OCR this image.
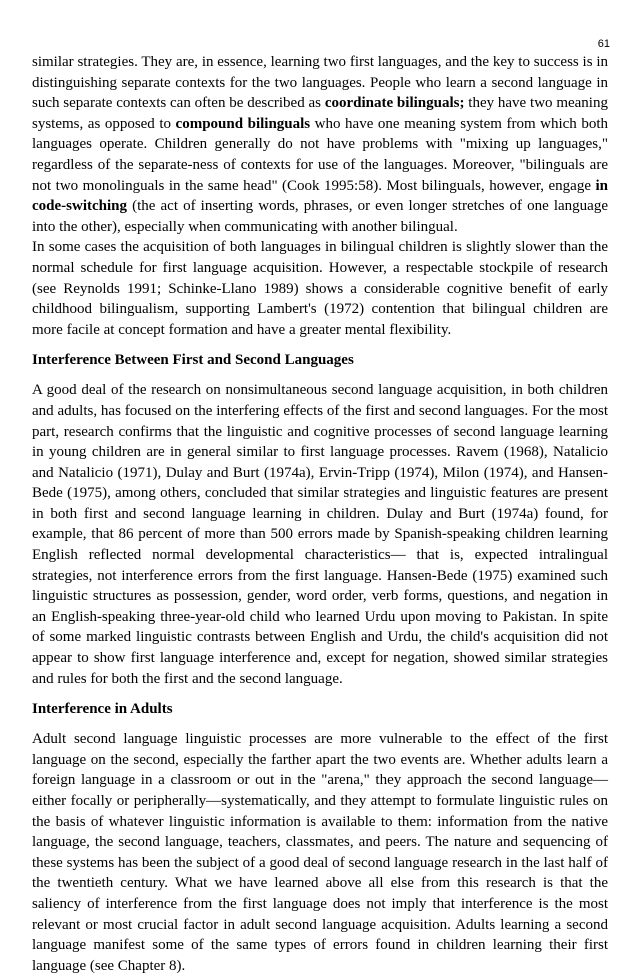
61

similar strategies. They are, in essence, learning two first languages, and the key to success is in distinguishing separate contexts for the two languages. People who learn a second language in such separate contexts can often be described as coordinate bilinguals; they have two meaning systems, as opposed to compound bilinguals who have one meaning system from which both languages operate. Children generally do not have problems with "mixing up languages," regardless of the separate-ness of contexts for use of the languages. Moreover, "bilinguals are not two monolinguals in the same head" (Cook 1995:58). Most bilinguals, however, engage in code-switching (the act of inserting words, phrases, or even longer stretches of one language into the other), especially when communicating with another bilingual.

In some cases the acquisition of both languages in bilingual children is slightly slower than the normal schedule for first language acquisition. However, a respectable stockpile of research (see Reynolds 1991; Schinke-Llano 1989) shows a considerable cognitive benefit of early childhood bilingualism, supporting Lambert's (1972) contention that bilingual children are more facile at concept formation and have a greater mental flexibility.

Interference Between First and Second Languages

A good deal of the research on nonsimultaneous second language acquisition, in both children and adults, has focused on the interfering effects of the first and second languages. For the most part, research confirms that the linguistic and cognitive processes of second language learning in young children are in general similar to first language processes. Ravem (1968), Natalicio and Natalicio (1971), Dulay and Burt (1974a), Ervin-Tripp (1974), Milon (1974), and Hansen-Bede (1975), among others, concluded that similar strategies and linguistic features are present in both first and second language learning in children. Dulay and Burt (1974a) found, for example, that 86 percent of more than 500 errors made by Spanish-speaking children learning English reflected normal developmental characteristics— that is, expected intralingual strategies, not interference errors from the first language. Hansen-Bede (1975) examined such linguistic structures as possession, gender, word order, verb forms, questions, and negation in an English-speaking three-year-old child who learned Urdu upon moving to Pakistan. In spite of some marked linguistic contrasts between English and Urdu, the child's acquisition did not appear to show first language interference and, except for negation, showed similar strategies and rules for both the first and the second language.

Interference in Adults

Adult second language linguistic processes are more vulnerable to the effect of the first language on the second, especially the farther apart the two events are. Whether adults learn a foreign language in a classroom or out in the "arena," they approach the second language—either focally or peripherally—systematically, and they attempt to formulate linguistic rules on the basis of whatever linguistic information is available to them: information from the native language, the second language, teachers, classmates, and peers. The nature and sequencing of these systems has been the subject of a good deal of second language research in the last half of the twentieth century. What we have learned above all else from this research is that the saliency of interference from the first language does not imply that interference is the most relevant or most crucial factor in adult second language acquisition. Adults learning a second language manifest some of the same types of errors found in children learning their first language (see Chapter 8).
